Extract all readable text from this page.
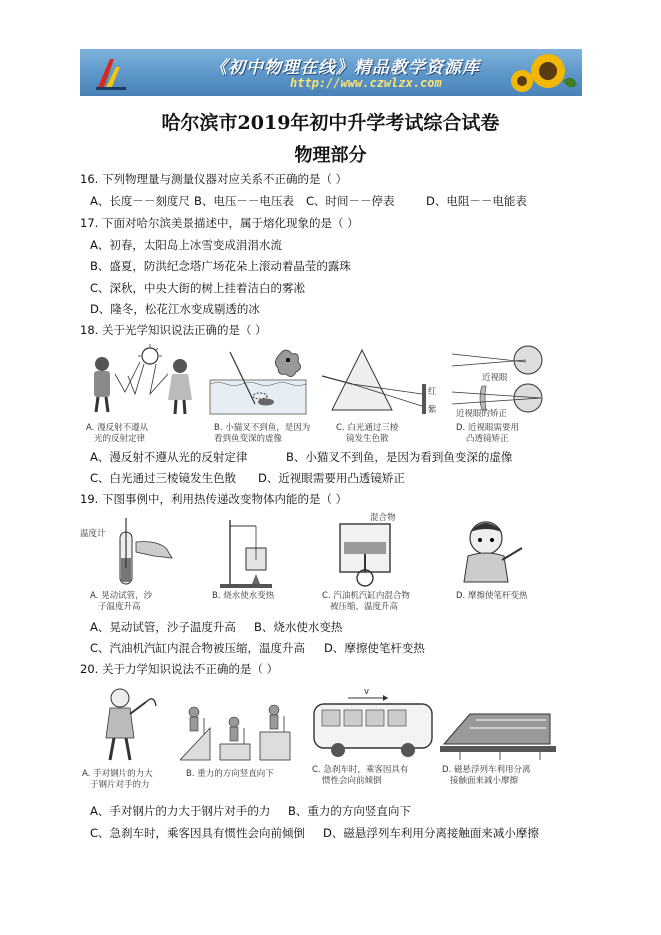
《初中物理在线》精品教学资源库
http://www.czwlzx.com
哈尔滨市2019年初中升学考试综合试卷
物理部分
16. 下列物理量与测量仪器对应关系不正确的是（ ）
A、长度－－刻度尺 B、电压－－电压表 C、时间－－停表	D、电阻－－电能表
17. 下面对哈尔滨美景描述中，属于熔化现象的是（ ）
A、初春，太阳岛上冰雪变成涓涓水流
B、盛夏，防洪纪念塔广场花朵上滚动着晶莹的露珠
C、深秋，中央大街的树上挂着洁白的雾凇
D、隆冬，松花江水变成剔透的冰
18. 关于光学知识说法正确的是（ ）
A. 漫反射不遵从
光的反射定律
B. 小猫叉不到鱼，是因为
看到鱼变深的虚像
红
紫
C. 白光通过三棱
镜发生色散
近视眼
近视眼的矫正
D. 近视眼需要用
凸透镜矫正
A、漫反射不遵从光的反射定律	B、小猫叉不到鱼，是因为看到鱼变深的虚像
C、白光通过三棱镜发生色散 D、近视眼需要用凸透镜矫正
19. 下图事例中，利用热传递改变物体内能的是（ ）
温度计
A. 晃动试管，沙
子温度升高
B. 烧水使水变热
混合物
C. 汽油机汽缸内混合物
被压缩，温度升高
D. 摩擦使笔杆变热
A、晃动试管，沙子温度升高 B、烧水使水变热
C、汽油机汽缸内混合物被压缩，温度升高 D、摩擦使笔杆变热
20. 关于力学知识说法不正确的是（ ）
A. 手对钢片的力大
于钢片对手的力
B. 重力的方向竖直向下
v
C. 急刹车时，乘客因具有
惯性会向前倾倒
D. 磁悬浮列车利用分离
接触面来减小摩擦
A、手对钢片的力大于钢片对手的力 B、重力的方向竖直向下
C、急刹车时，乘客因具有惯性会向前倾倒 D、磁悬浮列车利用分离接触面来减小摩擦
